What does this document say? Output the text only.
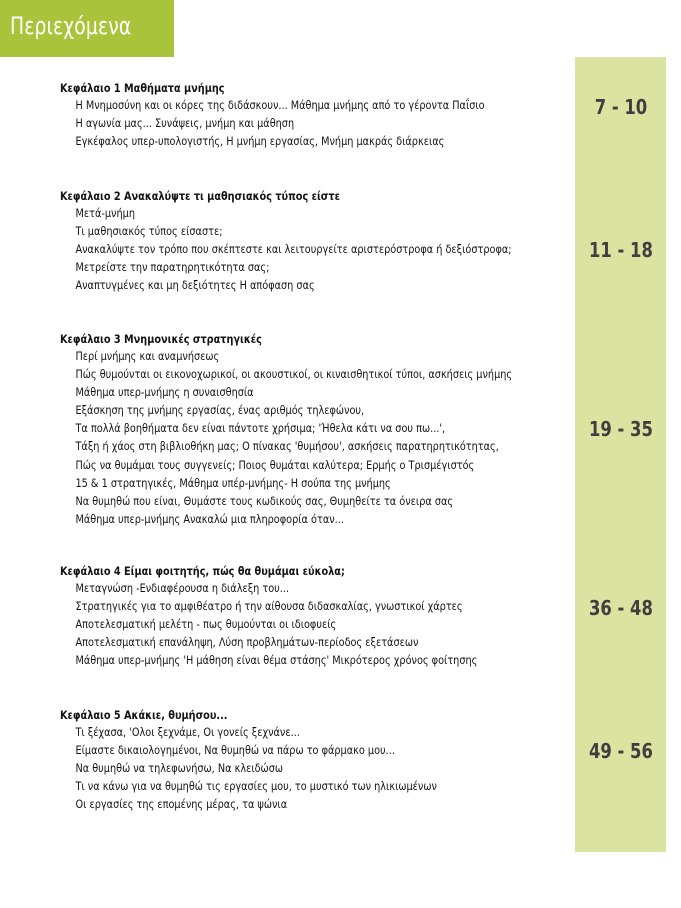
Περιεχόμενα
Κεφάλαιο 1 Μαθήματα μνήμης
Η Μνημοσύνη και οι κόρες της διδάσκουν... Μάθημα μνήμης από το γέροντα Παΐσιο
Η αγωνία μας... Συνάψεις, μνήμη και μάθηση
Εγκέφαλος υπερ-υπολογιστής, Η μνήμη εργασίας, Μνήμη μακράς διάρκειας
7 - 10
Κεφάλαιο 2 Ανακαλύψτε τι μαθησιακός τύπος είστε
Μετά-μνήμη
Τι μαθησιακός τύπος είσαστε;
Ανακαλύψτε τον τρόπο που σκέπτεστε και λειτουργείτε αριστερόστροφα ή δεξιόστροφα;
Μετρείστε την παρατηρητικότητα σας;
Αναπτυγμένες και μη δεξιότητες Η απόφαση σας
11 - 18
Κεφάλαιο 3 Μνημονικές στρατηγικές
Περί μνήμης και αναμνήσεως
Πώς θυμούνται οι εικονοχωρικοί, οι ακουστικοί, οι κιναισθητικοί τύποι, ασκήσεις μνήμης
Μάθημα υπερ-μνήμης η συναισθησία
Εξάσκηση της μνήμης εργασίας, ένας αριθμός τηλεφώνου,
Τα πολλά βοηθήματα δεν είναι πάντοτε χρήσιμα; 'Ήθελα κάτι να σου πω...',
Τάξη ή χάος στη βιβλιοθήκη μας; Ο πίνακας 'θυμήσου', ασκήσεις παρατηρητικότητας,
Πώς να θυμάμαι τους συγγενείς; Ποιος θυμάται καλύτερα; Ερμής ο Τρισμέγιστός
15 & 1 στρατηγικές, Μάθημα υπέρ-μνήμης- Η σούπα της μνήμης
Να θυμηθώ που είναι, Θυμάστε τους κωδικούς σας, Θυμηθείτε τα όνειρα σας
Μάθημα υπερ-μνήμης Ανακαλώ μια πληροφορία όταν...
19 - 35
Κεφάλαιο 4 Είμαι φοιτητής, πώς θα θυμάμαι εύκολα;
Μεταγνώση -Ενδιαφέρουσα η διάλεξη του...
Στρατηγικές για το αμφιθέατρο ή την αίθουσα διδασκαλίας, γνωστικοί χάρτες
Αποτελεσματική μελέτη - πως θυμούνται οι ιδιοφυείς
Αποτελεσματική επανάληψη, Λύση προβλημάτων-περίοδος εξετάσεων
Μάθημα υπερ-μνήμης 'Η μάθηση είναι θέμα στάσης' Μικρότερος χρόνος φοίτησης
36 - 48
Κεφάλαιο 5 Ακάκιε, θυμήσου...
Τι ξέχασα, 'Ολοι ξεχνάμε, Οι γονείς ξεχνάνε...
Είμαστε δικαιολογημένοι, Να θυμηθώ να πάρω το φάρμακο μου...
Να θυμηθώ να τηλεφωνήσω, Να κλειδώσω
Τι να κάνω για να θυμηθώ τις εργασίες μου, το μυστικό των ηλικιωμένων
Οι εργασίες της επομένης μέρας, τα ψώνια
49 - 56
